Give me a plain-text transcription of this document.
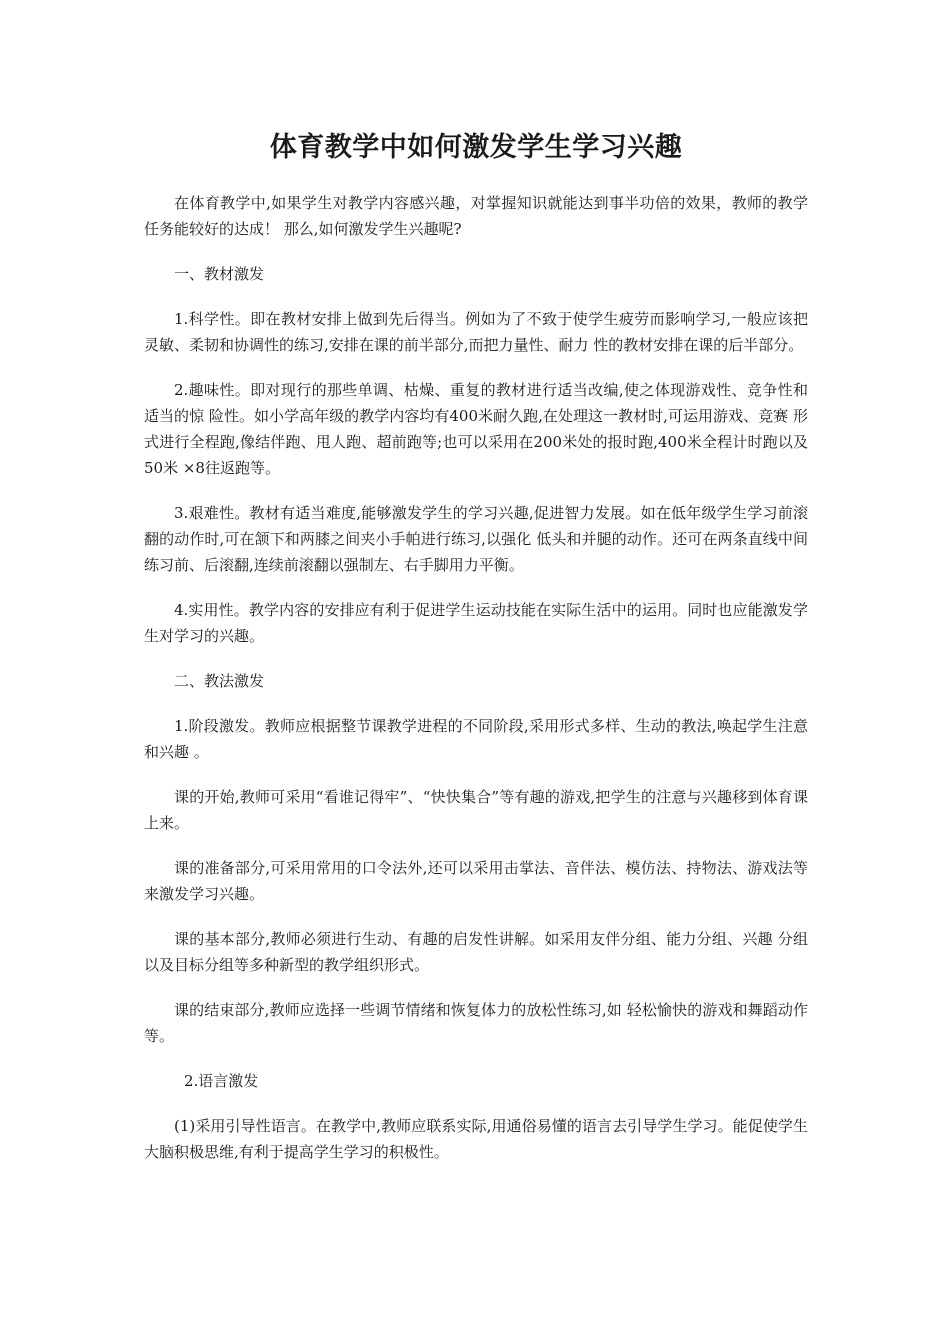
体育教学中如何激发学生学习兴趣

在体育教学中,如果学生对教学内容感兴趣，对掌握知识就能达到事半功倍的效果，教师的教学任务能较好的达成！ 那么,如何激发学生兴趣呢?

一、教材激发

1.科学性。即在教材安排上做到先后得当。例如为了不致于使学生疲劳而影响学习,一般应该把灵敏、柔韧和协调性的练习,安排在课的前半部分,而把力量性、耐力 性的教材安排在课的后半部分。

2.趣味性。即对现行的那些单调、枯燥、重复的教材进行适当改编,使之体现游戏性、竞争性和适当的惊 险性。如小学高年级的教学内容均有400米耐久跑,在处理这一教材时,可运用游戏、竞赛 形式进行全程跑,像结伴跑、甩人跑、超前跑等;也可以采用在200米处的报时跑,400米全程计时跑以及50米 ×8往返跑等。

3.艰难性。教材有适当难度,能够激发学生的学习兴趣,促进智力发展。如在低年级学生学习前滚翻的动作时,可在颔下和两膝之间夹小手帕进行练习,以强化 低头和并腿的动作。还可在两条直线中间练习前、后滚翻,连续前滚翻以强制左、右手脚用力平衡。

4.实用性。教学内容的安排应有利于促进学生运动技能在实际生活中的运用。同时也应能激发学生对学习的兴趣。

二、教法激发

1.阶段激发。教师应根据整节课教学进程的不同阶段,采用形式多样、生动的教法,唤起学生注意和兴趣 。

课的开始,教师可采用“看谁记得牢”、“快快集合”等有趣的游戏,把学生的注意与兴趣移到体育课上来。

课的准备部分,可采用常用的口令法外,还可以采用击掌法、音伴法、模仿法、持物法、游戏法等来激发学习兴趣。

课的基本部分,教师必须进行生动、有趣的启发性讲解。如采用友伴分组、能力分组、兴趣 分组以及目标分组等多种新型的教学组织形式。

课的结束部分,教师应选择一些调节情绪和恢复体力的放松性练习,如 轻松愉快的游戏和舞蹈动作等。

2.语言激发

(1)采用引导性语言。在教学中,教师应联系实际,用通俗易懂的语言去引导学生学习。能促使学生大脑积极思维,有利于提高学生学习的积极性。
